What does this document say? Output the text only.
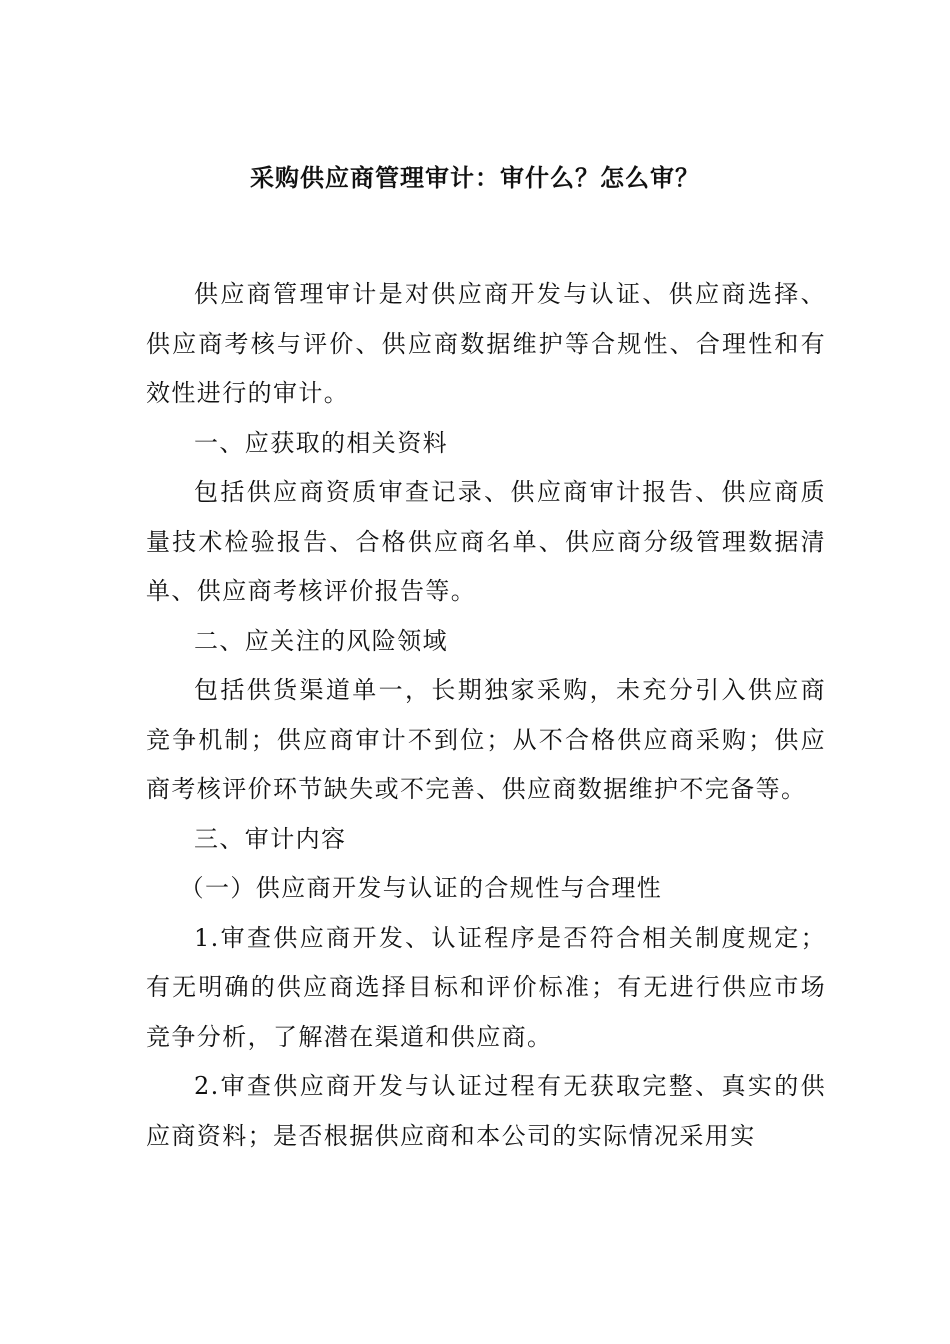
采购供应商管理审计：审什么？怎么审？

供应商管理审计是对供应商开发与认证、供应商选择、供应商考核与评价、供应商数据维护等合规性、合理性和有效性进行的审计。

一、应获取的相关资料

包括供应商资质审查记录、供应商审计报告、供应商质量技术检验报告、合格供应商名单、供应商分级管理数据清单、供应商考核评价报告等。

二、应关注的风险领域

包括供货渠道单一，长期独家采购，未充分引入供应商竞争机制；供应商审计不到位；从不合格供应商采购；供应商考核评价环节缺失或不完善、供应商数据维护不完备等。

三、审计内容

（一）供应商开发与认证的合规性与合理性

1.审查供应商开发、认证程序是否符合相关制度规定；有无明确的供应商选择目标和评价标准；有无进行供应市场竞争分析，了解潜在渠道和供应商。

2.审查供应商开发与认证过程有无获取完整、真实的供应商资料；是否根据供应商和本公司的实际情况采用实
